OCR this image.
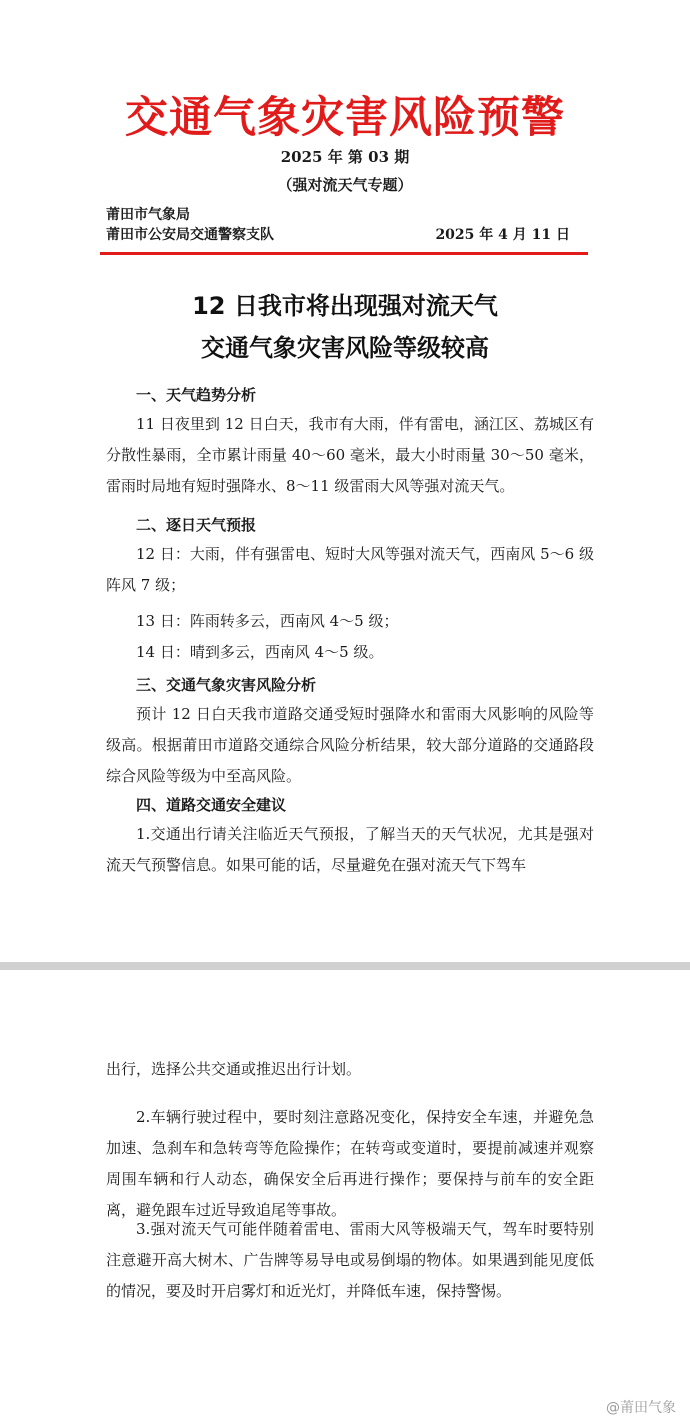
交通气象灾害风险预警
2025 年 第 03 期
（强对流天气专题）
莆田市气象局
莆田市公安局交通警察支队	2025 年 4 月 11 日
12 日我市将出现强对流天气
交通气象灾害风险等级较高
一、天气趋势分析

11 日夜里到 12 日白天，我市有大雨，伴有雷电，涵江区、荔城区有分散性暴雨，全市累计雨量 40～60 毫米，最大小时雨量 30～50 毫米，雷雨时局地有短时强降水、8～11 级雷雨大风等强对流天气。

二、逐日天气预报

12 日：大雨，伴有强雷电、短时大风等强对流天气，西南风 5～6 级阵风 7 级；

13 日：阵雨转多云，西南风 4～5 级；

14 日：晴到多云，西南风 4～5 级。

三、交通气象灾害风险分析

预计 12 日白天我市道路交通受短时强降水和雷雨大风影响的风险等级高。根据莆田市道路交通综合风险分析结果，较大部分道路的交通路段综合风险等级为中至高风险。

四、道路交通安全建议

1.交通出行请关注临近天气预报，了解当天的天气状况，尤其是强对流天气预警信息。如果可能的话，尽量避免在强对流天气下驾车

出行，选择公共交通或推迟出行计划。

2.车辆行驶过程中，要时刻注意路况变化，保持安全车速，并避免急加速、急刹车和急转弯等危险操作；在转弯或变道时，要提前减速并观察周围车辆和行人动态，确保安全后再进行操作；要保持与前车的安全距离，避免跟车过近导致追尾等事故。

3.强对流天气可能伴随着雷电、雷雨大风等极端天气，驾车时要特别注意避开高大树木、广告牌等易导电或易倒塌的物体。如果遇到能见度低的情况，要及时开启雾灯和近光灯，并降低车速，保持警惕。

@莆田气象
